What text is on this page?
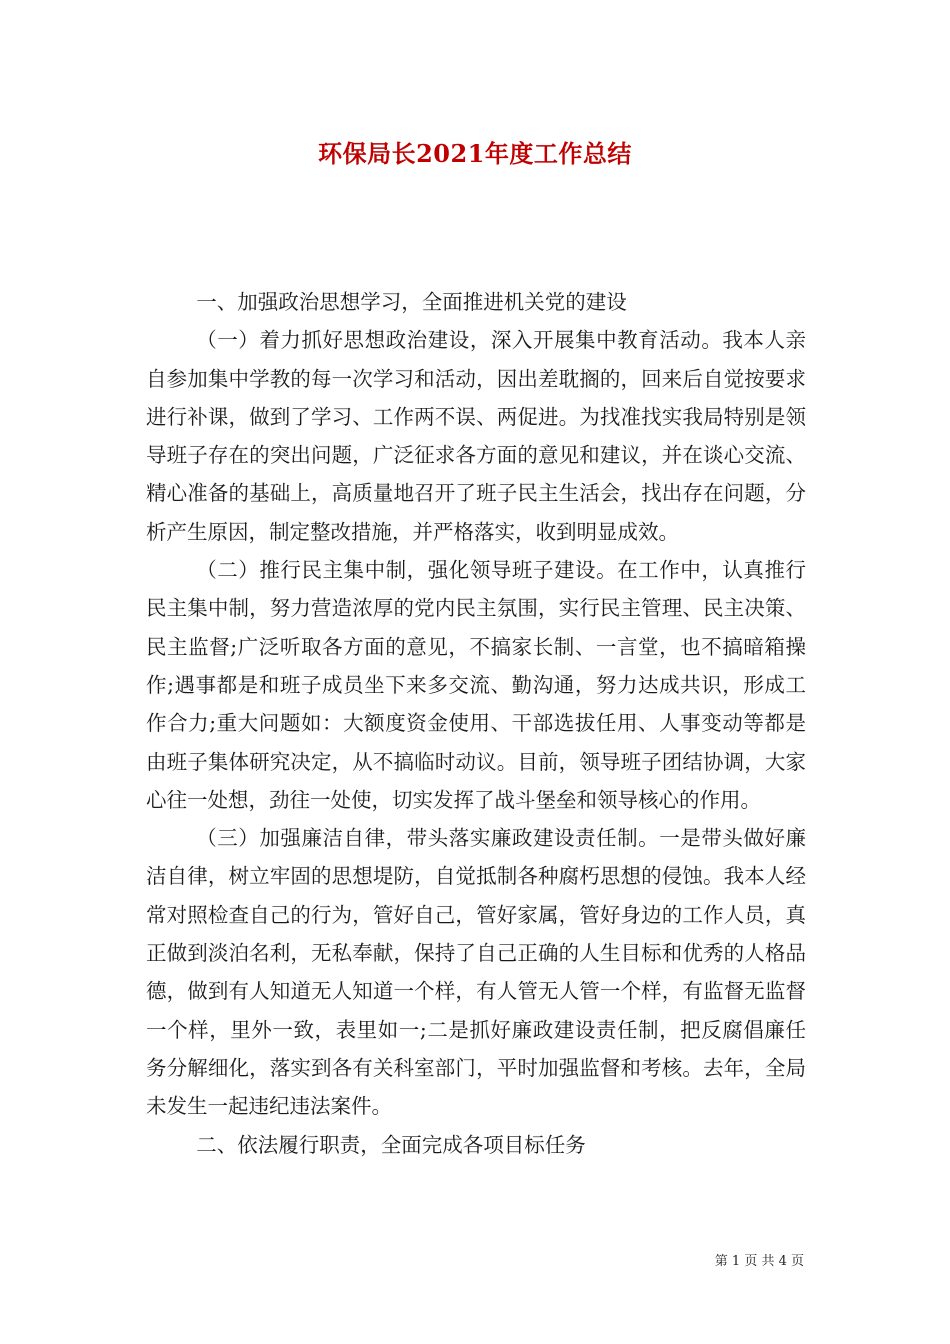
环保局长2021年度工作总结

一、加强政治思想学习，全面推进机关党的建设

（一）着力抓好思想政治建设，深入开展集中教育活动。我本人亲自参加集中学教的每一次学习和活动，因出差耽搁的，回来后自觉按要求进行补课，做到了学习、工作两不误、两促进。为找准找实我局特别是领导班子存在的突出问题，广泛征求各方面的意见和建议，并在谈心交流、精心准备的基础上，高质量地召开了班子民主生活会，找出存在问题，分析产生原因，制定整改措施，并严格落实，收到明显成效。

（二）推行民主集中制，强化领导班子建设。在工作中，认真推行民主集中制，努力营造浓厚的党内民主氛围，实行民主管理、民主决策、民主监督;广泛听取各方面的意见，不搞家长制、一言堂，也不搞暗箱操作;遇事都是和班子成员坐下来多交流、勤沟通，努力达成共识，形成工作合力;重大问题如：大额度资金使用、干部选拔任用、人事变动等都是由班子集体研究决定，从不搞临时动议。目前，领导班子团结协调，大家心往一处想，劲往一处使，切实发挥了战斗堡垒和领导核心的作用。

（三）加强廉洁自律，带头落实廉政建设责任制。一是带头做好廉洁自律，树立牢固的思想堤防，自觉抵制各种腐朽思想的侵蚀。我本人经常对照检查自己的行为，管好自己，管好家属，管好身边的工作人员，真正做到淡泊名利，无私奉献，保持了自己正确的人生目标和优秀的人格品德，做到有人知道无人知道一个样，有人管无人管一个样，有监督无监督一个样，里外一致，表里如一;二是抓好廉政建设责任制，把反腐倡廉任务分解细化，落实到各有关科室部门，平时加强监督和考核。去年，全局未发生一起违纪违法案件。

二、依法履行职责，全面完成各项目标任务

第 1 页 共 4 页
